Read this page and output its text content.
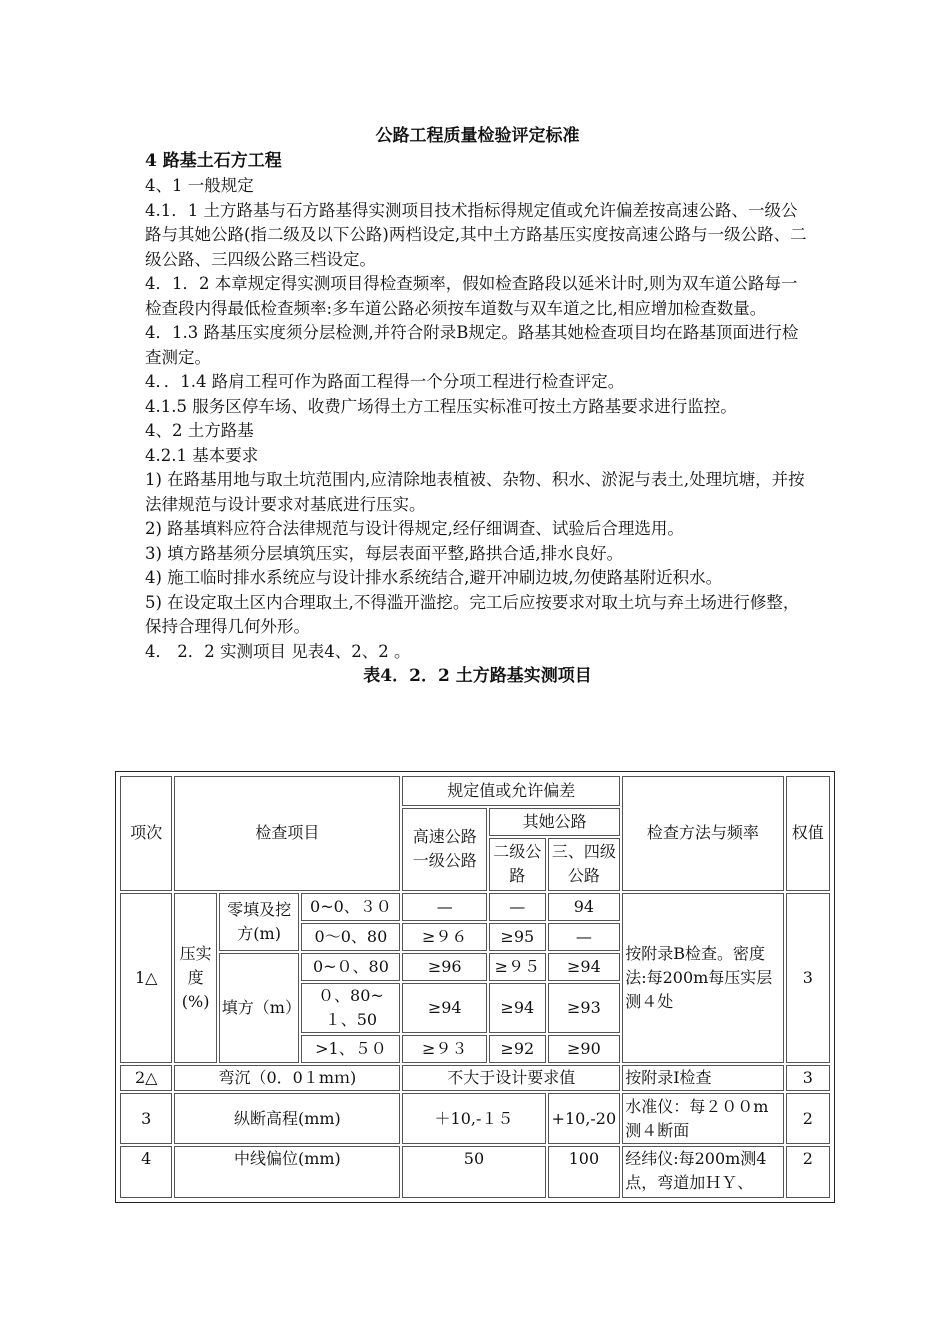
公路工程质量检验评定标准
4 路基土石方工程

4、1 一般规定

4.1．1 土方路基与石方路基得实测项目技术指标得规定值或允许偏差按高速公路、一级公路与其她公路(指二级及以下公路)两档设定,其中土方路基压实度按高速公路与一级公路、二级公路、三四级公路三档设定。

4．1．2 本章规定得实测项目得检查频率，假如检查路段以延米计时,则为双车道公路每一检查段内得最低检查频率:多车道公路必须按车道数与双车道之比,相应增加检查数量。

4．1.3 路基压实度须分层检测,并符合附录B规定。路基其她检查项目均在路基顶面进行检查测定。

4．．1.4 路肩工程可作为路面工程得一个分项工程进行检查评定。

4.1.5 服务区停车场、收费广场得土方工程压实标准可按土方路基要求进行监控。

4、2 土方路基

4.2.1 基本要求

1) 在路基用地与取土坑范围内,应清除地表植被、杂物、积水、淤泥与表土,处理坑塘，并按法律规范与设计要求对基底进行压实。

2) 路基填料应符合法律规范与设计得规定,经仔细调查、试验后合理选用。

3) 填方路基须分层填筑压实，每层表面平整,路拱合适,排水良好。

4) 施工临时排水系统应与设计排水系统结合,避开冲刷边坡,勿使路基附近积水。

5) 在设定取土区内合理取土,不得滥开滥挖。完工后应按要求对取土坑与弃土场进行修整，保持合理得几何外形。

4． 2．2 实测项目 见表4、2、2 。

表4．2．2 土方路基实测项目
项次	检查项目			规定值或允许偏差			检查方法与频率	权值
				高速公路一级公路	其她公路			
					二级公路	三、四级公路		
1△	压实度(%)	零填及挖方(m)	0~0、３０	—	—	94	按附录B检查。密度法:每200m每压实层测４处	3
			0～0、80	≥９６	≥95	—		
		填方（m）	0~０、80	≥96	≥９５	≥94		
			０、80~１、50	≥94	≥94	≥93		
			>1、５０	≥９３	≥92	≥90		
2△	弯沉（0．0１mｍ)			不大于设计要求值			按附录I检查	3
3	纵断高程(mm)			＋10,-１５		+10,-20	水准仪：每２００m测４断面	2
4	中线偏位(mm)			50		100	经纬仪:每200m测4点，弯道加ＨＹ、	2
